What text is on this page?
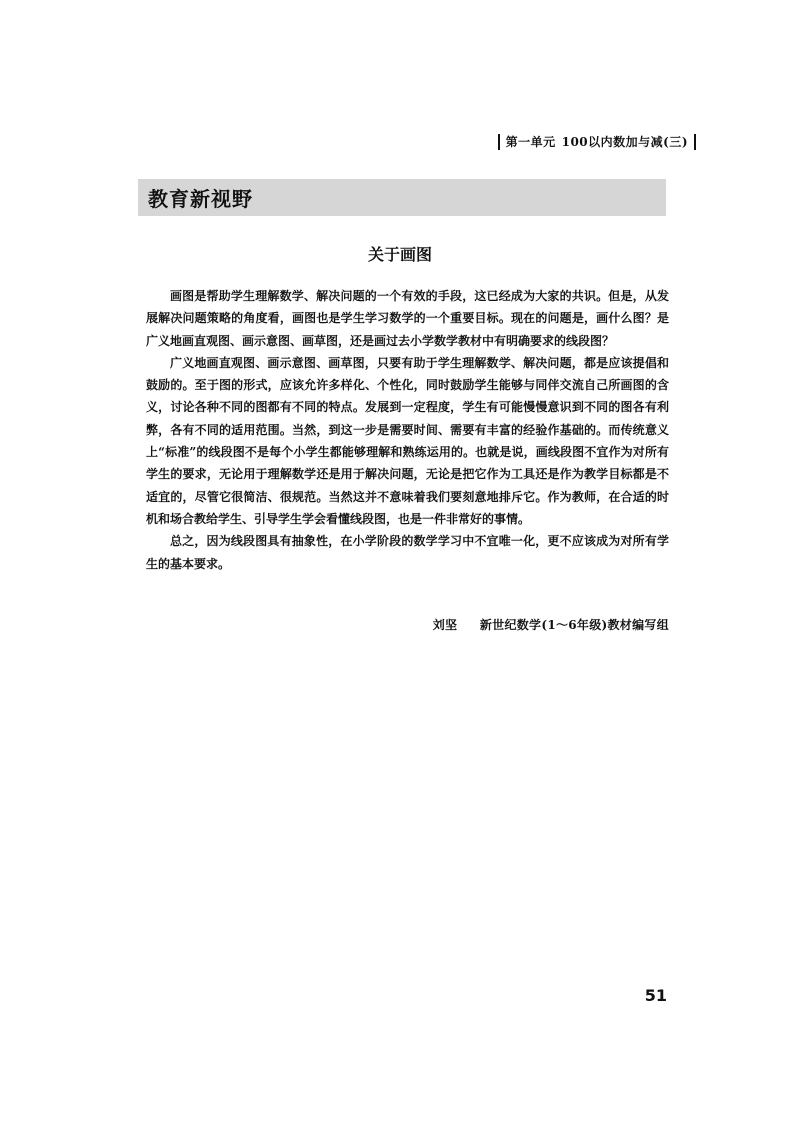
第一单元 100以内数加与减(三)
教育新视野
关于画图

画图是帮助学生理解数学、解决问题的一个有效的手段，这已经成为大家的共识。但是，从发展解决问题策略的角度看，画图也是学生学习数学的一个重要目标。现在的问题是，画什么图？是广义地画直观图、画示意图、画草图，还是画过去小学数学教材中有明确要求的线段图？

广义地画直观图、画示意图、画草图，只要有助于学生理解数学、解决问题，都是应该提倡和鼓励的。至于图的形式，应该允许多样化、个性化，同时鼓励学生能够与同伴交流自己所画图的含义，讨论各种不同的图都有不同的特点。发展到一定程度，学生有可能慢慢意识到不同的图各有利弊，各有不同的适用范围。当然，到这一步是需要时间、需要有丰富的经验作基础的。而传统意义上“标准”的线段图不是每个小学生都能够理解和熟练运用的。也就是说，画线段图不宜作为对所有学生的要求，无论用于理解数学还是用于解决问题，无论是把它作为工具还是作为教学目标都是不适宜的，尽管它很简洁、很规范。当然这并不意味着我们要刻意地排斥它。作为教师，在合适的时机和场合教给学生、引导学生学会看懂线段图，也是一件非常好的事情。

总之，因为线段图具有抽象性，在小学阶段的数学学习中不宜唯一化，更不应该成为对所有学生的基本要求。

刘坚 新世纪数学(1～6年级)教材编写组
51
